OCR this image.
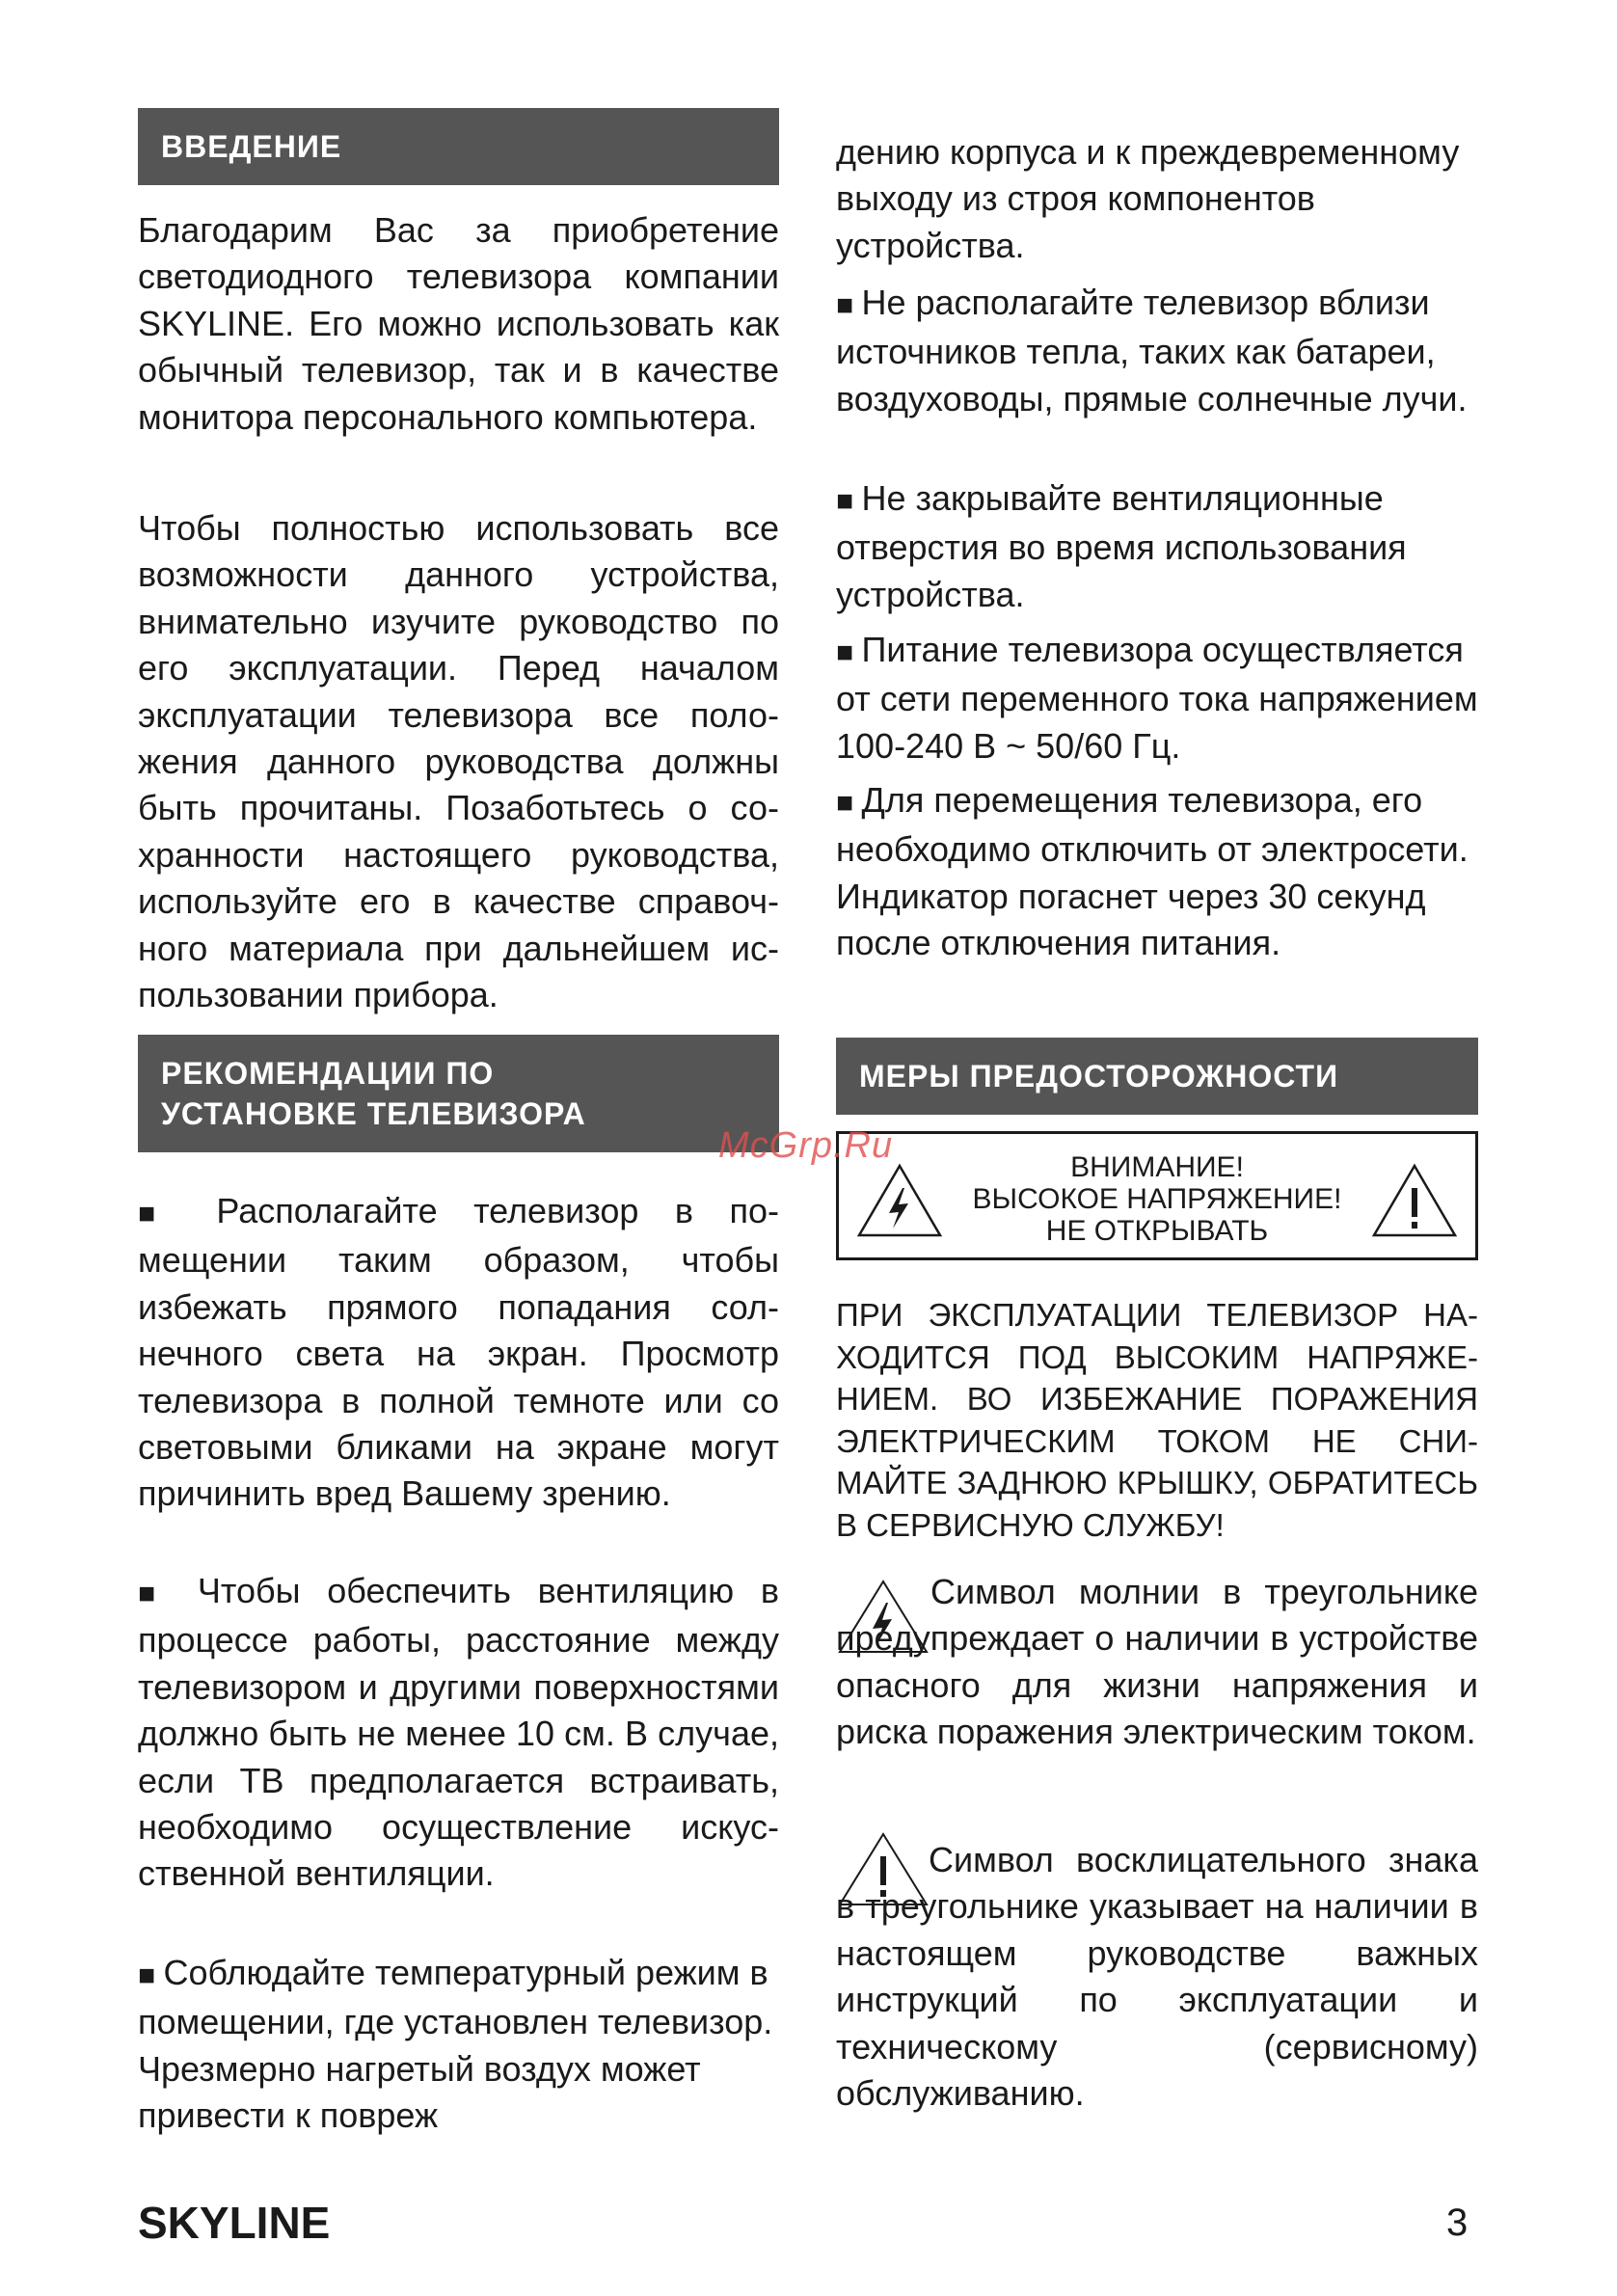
ВВЕДЕНИЕ

Благодарим Вас за приобретение светодиодного телевизора компании SKYLINE. Его можно использовать как обычный телевизор, так и в качестве монитора персонального компьютера.

Чтобы полностью использовать все возможности данного устройства, внимательно изучите руководство по его эксплуатации. Перед началом эксплуатации телевизора все положения данного руководства должны быть прочитаны. Позаботьтесь о сохранности настоящего руководства, используйте его в качестве справочного материала при дальнейшем использовании прибора.

РЕКОМЕНДАЦИИ ПО
УСТАНОВКЕ ТЕЛЕВИЗОРА

■ Располагайте телевизор в помещении таким образом, чтобы избежать прямого попадания солнечного света на экран. Просмотр телевизора в полной темноте или со световыми бликами на экране могут причинить вред Вашему зрению.

■ Чтобы обеспечить вентиляцию в процессе работы, расстояние между телевизором и другими поверхностями должно быть не менее 10 см. В случае, если ТВ предполагается встраивать, необходимо осуществление искусственной вентиляции.

■ Соблюдайте температурный режим в помещении, где установлен телевизор. Чрезмерно нагретый воздух может привести к повреж

дению корпуса и к преждевременному выходу из строя компонентов устройства.

■ Не располагайте телевизор вблизи источников тепла, таких как батареи, воздуховоды, прямые солнечные лучи.

■ Не закрывайте вентиляционные отверстия во время использования устройства.

■ Питание телевизора осуществляется от сети переменного тока напряжением 100-240 В ~ 50/60 Гц.

■ Для перемещения телевизора, его необходимо отключить от электросети. Индикатор погаснет через 30 секунд после отключения питания.

МЕРЫ ПРЕДОСТОРОЖНОСТИ
ВНИМАНИЕ!
ВЫСОКОЕ НАПРЯЖЕНИЕ!
НЕ ОТКРЫВАТЬ

ПРИ ЭКСПЛУАТАЦИИ ТЕЛЕВИЗОР НАХОДИТСЯ ПОД ВЫСОКИМ НАПРЯЖЕНИЕМ. ВО ИЗБЕЖАНИЕ ПОРАЖЕНИЯ ЭЛЕКТРИЧЕСКИМ ТОКОМ НЕ СНИМАЙТЕ ЗАДНЮЮ КРЫШКУ, ОБРАТИТЕСЬ В СЕРВИСНУЮ СЛУЖБУ!

Символ молнии в треугольнике предупреждает о наличии в устройстве опасного для жизни напряжения и риска поражения электрическим током.

Символ восклицательного знака в треугольнике указывает на наличии в настоящем руководстве важных инструкций по эксплуатации и техническому (сервисному) обслуживанию.

McGrp.Ru
SKYLINE	3
